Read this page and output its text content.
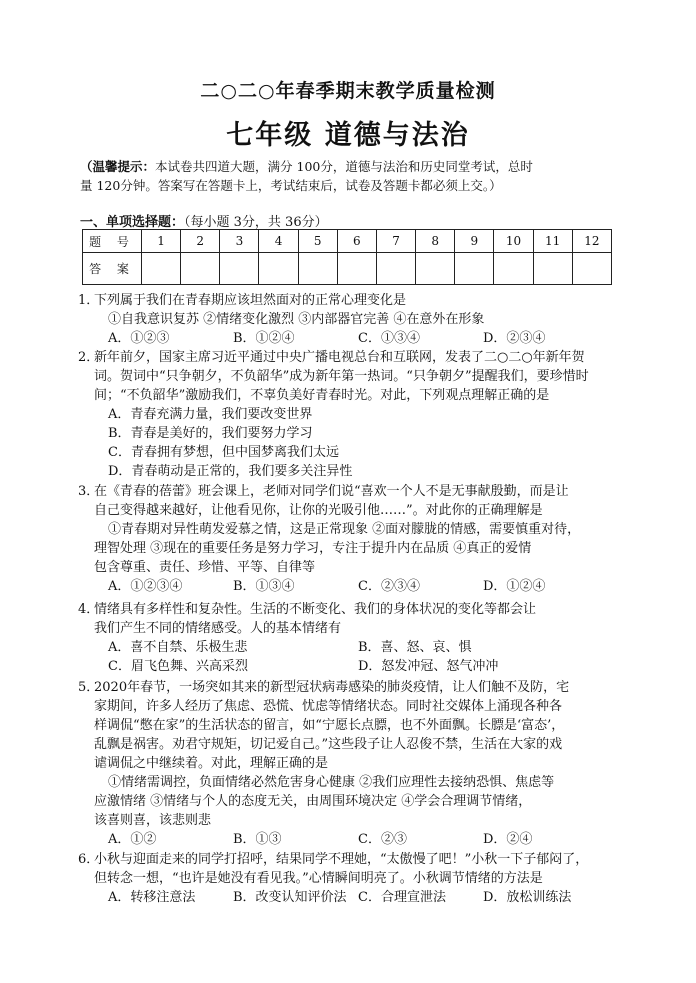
二○二○年春季期末教学质量检测
七年级 道德与法治
（温馨提示：本试卷共四道大题，满分 100分，道德与法治和历史同堂考试，总时
量 120分钟。答案写在答题卡上，考试结束后，试卷及答题卡都必须上交。）
一、单项选择题：（每小题 3分，共 36分）
题 号	1	2	3	4	5	6	7	8	9	10	11	12
答 案												
1．
下列属于我们在青春期应该坦然面对的正常心理变化是
①自我意识复苏 ②情绪变化激烈 ③内部器官完善 ④在意外在形象
A．①②③	B．①②④	C．①③④	D．②③④
2．
新年前夕，国家主席习近平通过中央广播电视总台和互联网，发表了二○二○年新年贺
词。贺词中“只争朝夕，不负韶华”成为新年第一热词。“只争朝夕”提醒我们，要珍惜时
间；“不负韶华”激励我们，不辜负美好青春时光。对此，下列观点理解正确的是
A．青春充满力量，我们要改变世界
B．青春是美好的，我们要努力学习
C．青春拥有梦想，但中国梦离我们太远
D．青春萌动是正常的，我们要多关注异性
3．
在《青春的蓓蕾》班会课上，老师对同学们说“喜欢一个人不是无事献殷勤，而是让
自己变得越来越好，让他看见你，让你的光吸引他……”。对此你的正确理解是
①青春期对异性萌发爱慕之情，这是正常现象 ②面对朦胧的情感，需要慎重对待，
理智处理 ③现在的重要任务是努力学习，专注于提升内在品质 ④真正的爱情
包含尊重、责任、珍惜、平等、自律等
A．①②③④	B．①③④	C．②③④	D．①②④
4．
情绪具有多样性和复杂性。生活的不断变化、我们的身体状况的变化等都会让
我们产生不同的情绪感受。人的基本情绪有
A．喜不自禁、乐极生悲	B．喜、怒、哀、惧
C．眉飞色舞、兴高采烈	D．怒发冲冠、怒气冲冲
5．
2020年春节，一场突如其来的新型冠状病毒感染的肺炎疫情，让人们触不及防，宅
家期间，许多人经历了焦虑、恐慌、忧虑等情绪状态。同时社交媒体上涌现各种各
样调侃“憋在家”的生活状态的留言，如“宁愿长点膘，也不外面飘。长膘是‘富态’，
乱飘是祸害。劝君守规矩，切记爱自己。”这些段子让人忍俊不禁，生活在大家的戏
谑调侃之中继续着。对此，理解正确的是
①情绪需调控，负面情绪必然危害身心健康 ②我们应理性去接纳恐惧、焦虑等
应激情绪 ③情绪与个人的态度无关，由周围环境决定 ④学会合理调节情绪，
该喜则喜，该悲则悲
A．①②	B．①③	C．②③	D．②④
6．
小秋与迎面走来的同学打招呼，结果同学不理她，“太傲慢了吧！”小秋一下子郁闷了，
但转念一想，“也许是她没有看见我。”心情瞬间明亮了。小秋调节情绪的方法是
A．转移注意法	B．改变认知评价法 C．合理宣泄法	D．放松训练法
